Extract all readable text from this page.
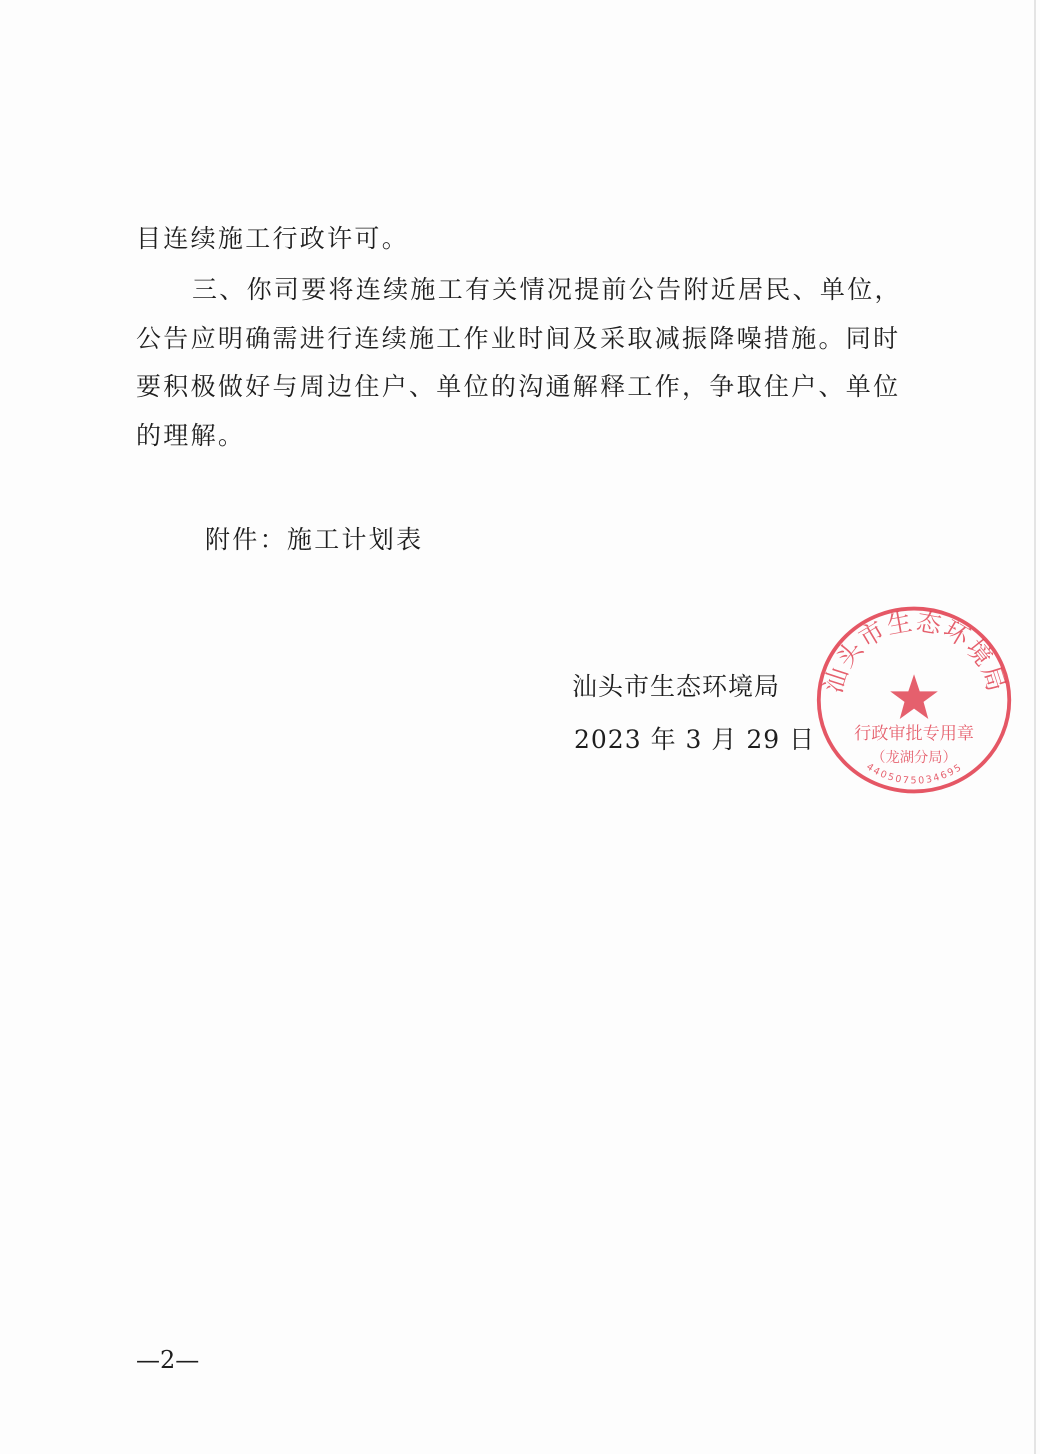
目连续施工行政许可。
三、你司要将连续施工有关情况提前公告附近居民、单位，
公告应明确需进行连续施工作业时间及采取减振降噪措施。同时
要积极做好与周边住户、单位的沟通解释工作，争取住户、单位
的理解。
附件：施工计划表
汕头市生态环境局
行政审批专用章
（龙湖分局）
4405075034695
汕头市生态环境局
2023 年 3 月 29 日
—2—
